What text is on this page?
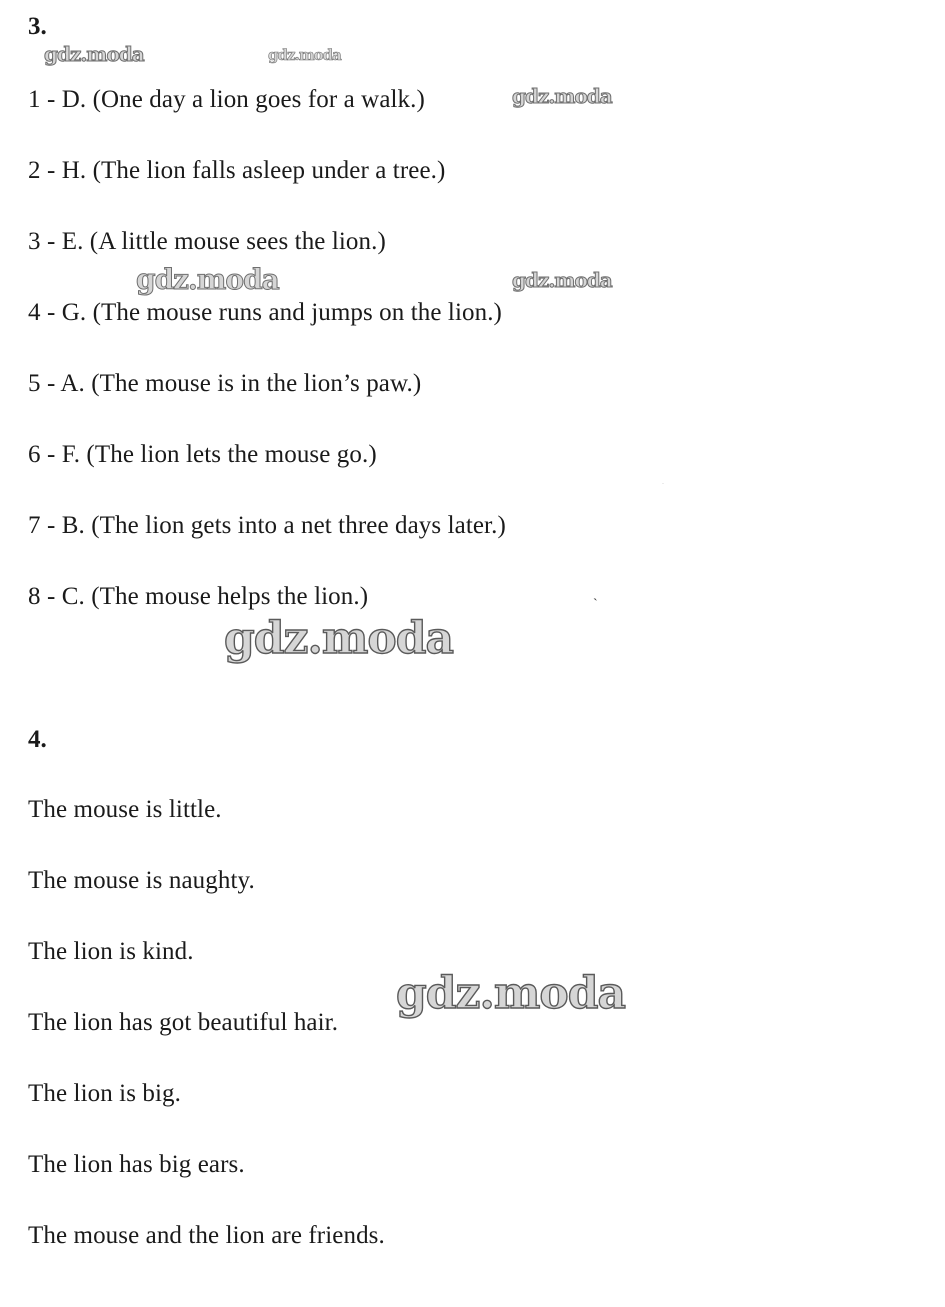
3.
1 - D. (One day a lion goes for a walk.)
2 - H. (The lion falls asleep under a tree.)
3 - E. (A little mouse sees the lion.)
4 - G. (The mouse runs and jumps on the lion.)
5 - A. (The mouse is in the lion’s paw.)
6 - F. (The lion lets the mouse go.)
7 - B. (The lion gets into a net three days later.)
8 - C. (The mouse helps the lion.)
4.
The mouse is little.
The mouse is naughty.
The lion is kind.
The lion has got beautiful hair.
The lion is big.
The lion has big ears.
The mouse and the lion are friends.
gdz.moda	gdz.moda
gdz.moda
gdz.moda	gdz.moda
gdz.moda
gdz.moda
`
.
